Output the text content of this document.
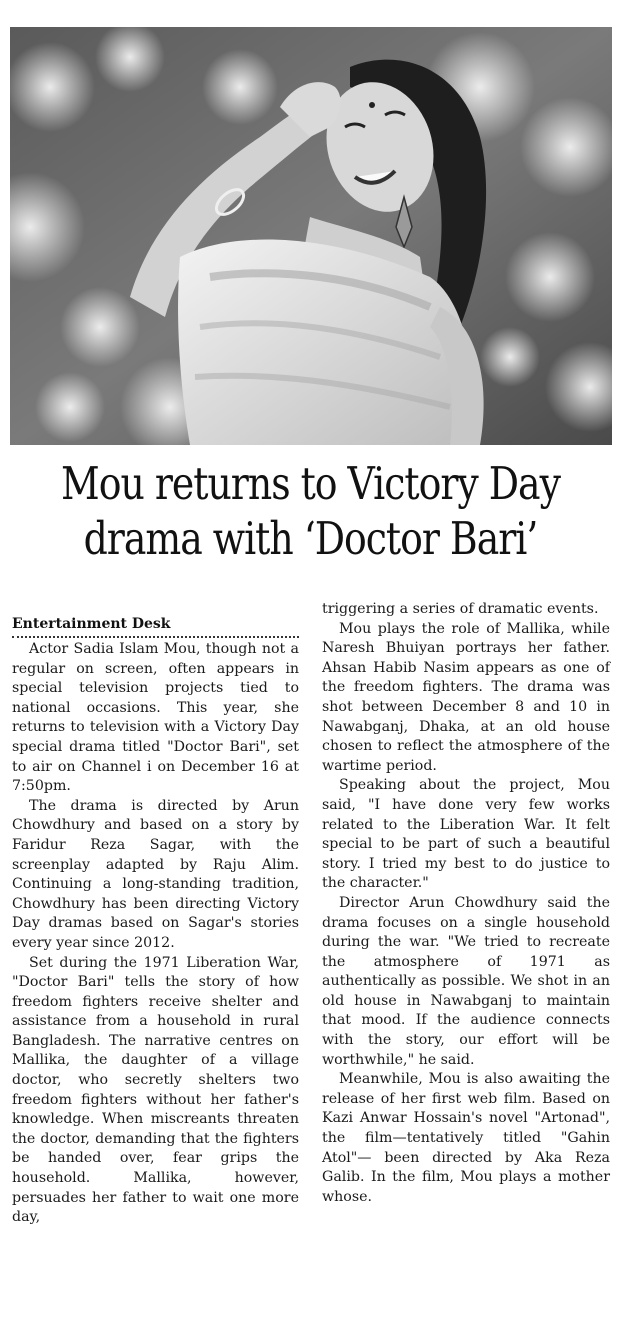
Mou returns to Victory Day drama with ‘Doctor Bari’
Entertainment Desk

Actor Sadia Islam Mou, though not a regular on screen, often appears in special television projects tied to national occasions. This year, she returns to television with a Victory Day special drama titled "Doctor Bari", set to air on Channel i on December 16 at 7:50pm.

The drama is directed by Arun Chowdhury and based on a story by Faridur Reza Sagar, with the screenplay adapted by Raju Alim. Continuing a long-standing tradition, Chowdhury has been directing Victory Day dramas based on Sagar's stories every year since 2012.

Set during the 1971 Liberation War, "Doctor Bari" tells the story of how freedom fighters receive shelter and assistance from a household in rural Bangladesh. The narrative centres on Mallika, the daughter of a village doctor, who secretly shelters two freedom fighters without her father's knowledge. When miscreants threaten the doctor, demanding that the fighters be handed over, fear grips the household. Mallika, however, persuades her father to wait one more day,

triggering a series of dramatic events.

Mou plays the role of Mallika, while Naresh Bhuiyan portrays her father. Ahsan Habib Nasim appears as one of the freedom fighters. The drama was shot between December 8 and 10 in Nawabganj, Dhaka, at an old house chosen to reflect the atmosphere of the wartime period.

Speaking about the project, Mou said, "I have done very few works related to the Liberation War. It felt special to be part of such a beautiful story. I tried my best to do justice to the character."

Director Arun Chowdhury said the drama focuses on a single household during the war. "We tried to recreate the atmosphere of 1971 as authentically as possible. We shot in an old house in Nawabganj to maintain that mood. If the audience connects with the story, our effort will be worthwhile," he said.

Meanwhile, Mou is also awaiting the release of her first web film. Based on Kazi Anwar Hossain's novel "Artonad", the film—tentatively titled "Gahin Atol"— been directed by Aka Reza Galib. In the film, Mou plays a mother whose.
